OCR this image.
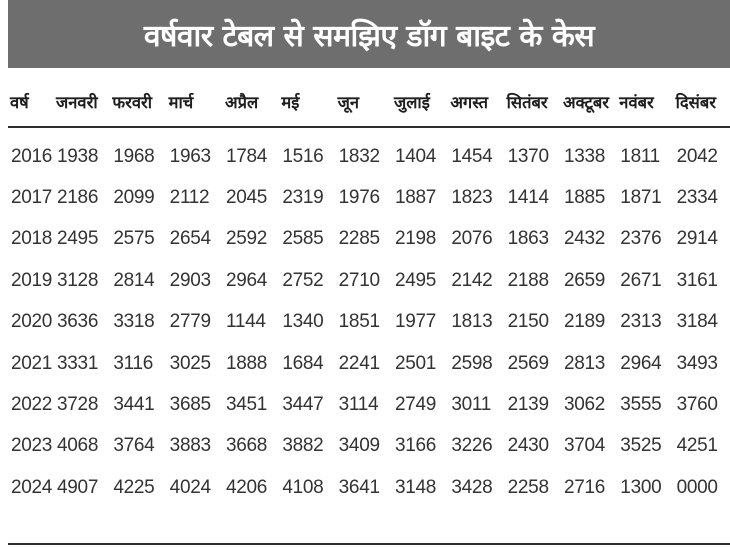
वर्षवार टेबल से समझिए डॉग बाइट के केस
वर्ष	जनवरी	फरवरी	मार्च	अप्रैल	मई	जून	जुलाई	अगस्त	सितंबर	अक्टूबर	नवंबर	दिसंबर
2016	1938	1968	1963	1784	1516	1832	1404	1454	1370	1338	1811	2042
2017	2186	2099	2112	2045	2319	1976	1887	1823	1414	1885	1871	2334
2018	2495	2575	2654	2592	2585	2285	2198	2076	1863	2432	2376	2914
2019	3128	2814	2903	2964	2752	2710	2495	2142	2188	2659	2671	3161
2020	3636	3318	2779	1144	1340	1851	1977	1813	2150	2189	2313	3184
2021	3331	3116	3025	1888	1684	2241	2501	2598	2569	2813	2964	3493
2022	3728	3441	3685	3451	3447	3114	2749	3011	2139	3062	3555	3760
2023	4068	3764	3883	3668	3882	3409	3166	3226	2430	3704	3525	4251
2024	4907	4225	4024	4206	4108	3641	3148	3428	2258	2716	1300	0000
